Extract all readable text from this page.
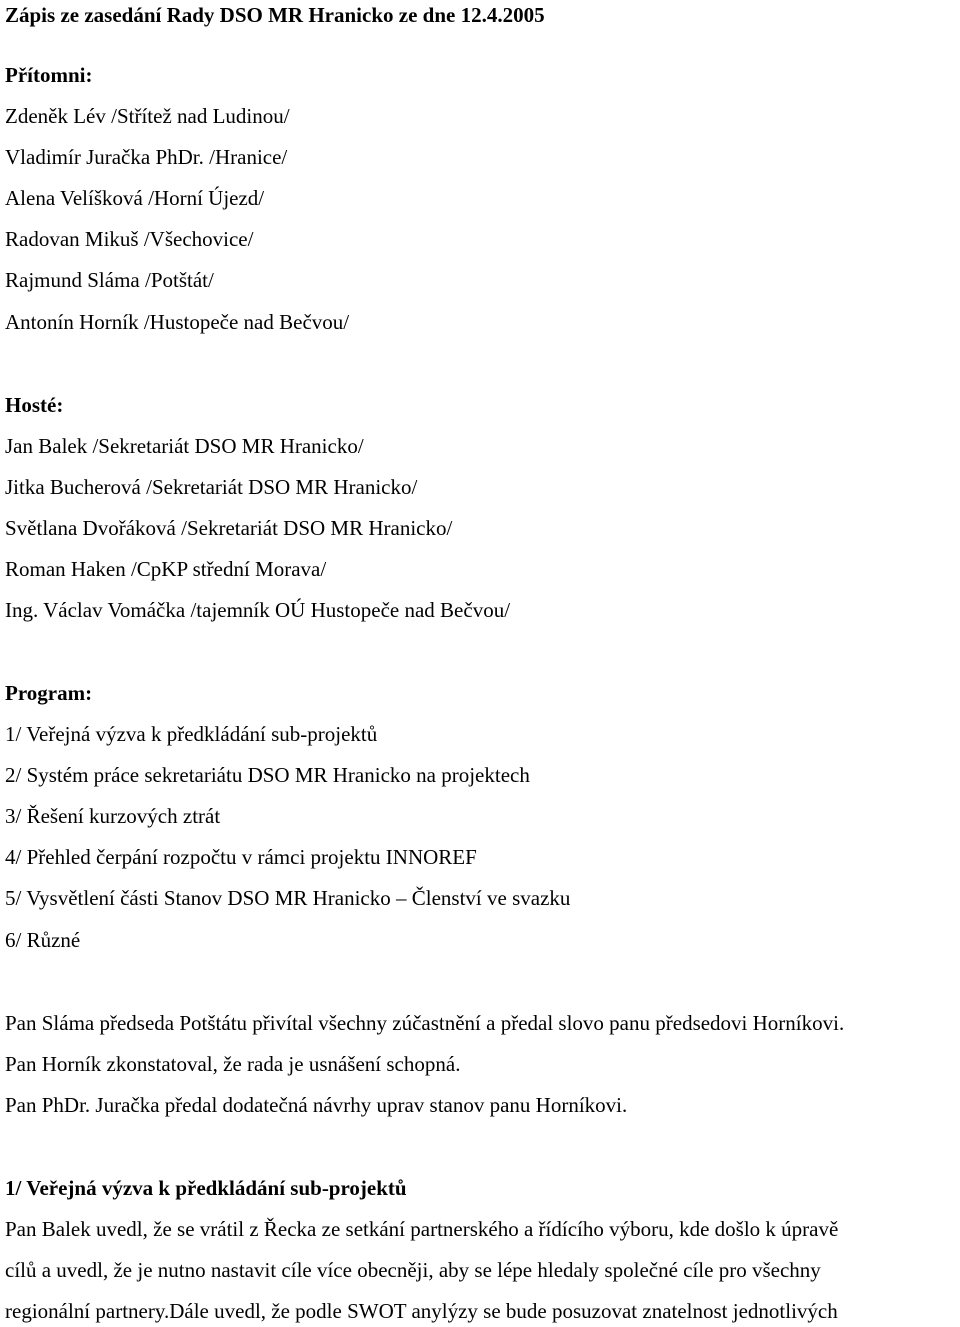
Zápis ze zasedání Rady DSO MR Hranicko ze dne 12.4.2005
Přítomni:
Zdeněk Lév /Střítež nad Ludinou/
Vladimír Juračka PhDr. /Hranice/
Alena Velíšková /Horní Újezd/
Radovan Mikuš /Všechovice/
Rajmund Sláma /Potštát/
Antonín Horník /Hustopeče nad Bečvou/
Hosté:
Jan Balek /Sekretariát DSO MR Hranicko/
Jitka Bucherová /Sekretariát DSO MR Hranicko/
Světlana Dvořáková /Sekretariát DSO MR Hranicko/
Roman Haken /CpKP střední Morava/
Ing. Václav Vomáčka /tajemník OÚ Hustopeče nad Bečvou/
Program:
1/ Veřejná výzva k předkládání sub-projektů
2/ Systém práce sekretariátu DSO MR Hranicko na projektech
3/ Řešení kurzových ztrát
4/ Přehled čerpání rozpočtu v rámci projektu INNOREF
5/ Vysvětlení části Stanov DSO MR Hranicko – Členství ve svazku
6/ Různé
Pan Sláma předseda Potštátu přivítal všechny zúčastnění a předal slovo panu předsedovi Horníkovi.
Pan Horník zkonstatoval, že rada je usnášení schopná.
Pan PhDr. Juračka předal dodatečná návrhy uprav stanov panu Horníkovi.
1/ Veřejná výzva k předkládání sub-projektů
Pan Balek uvedl, že se vrátil z Řecka ze setkání partnerského a řídícího výboru, kde došlo k úpravě
cílů a uvedl, že je nutno nastavit cíle více obecněji, aby se lépe hledaly společné cíle pro všechny
regionální partnery.Dále uvedl, že podle SWOT anylýzy se bude posuzovat znatelnost jednotlivých
